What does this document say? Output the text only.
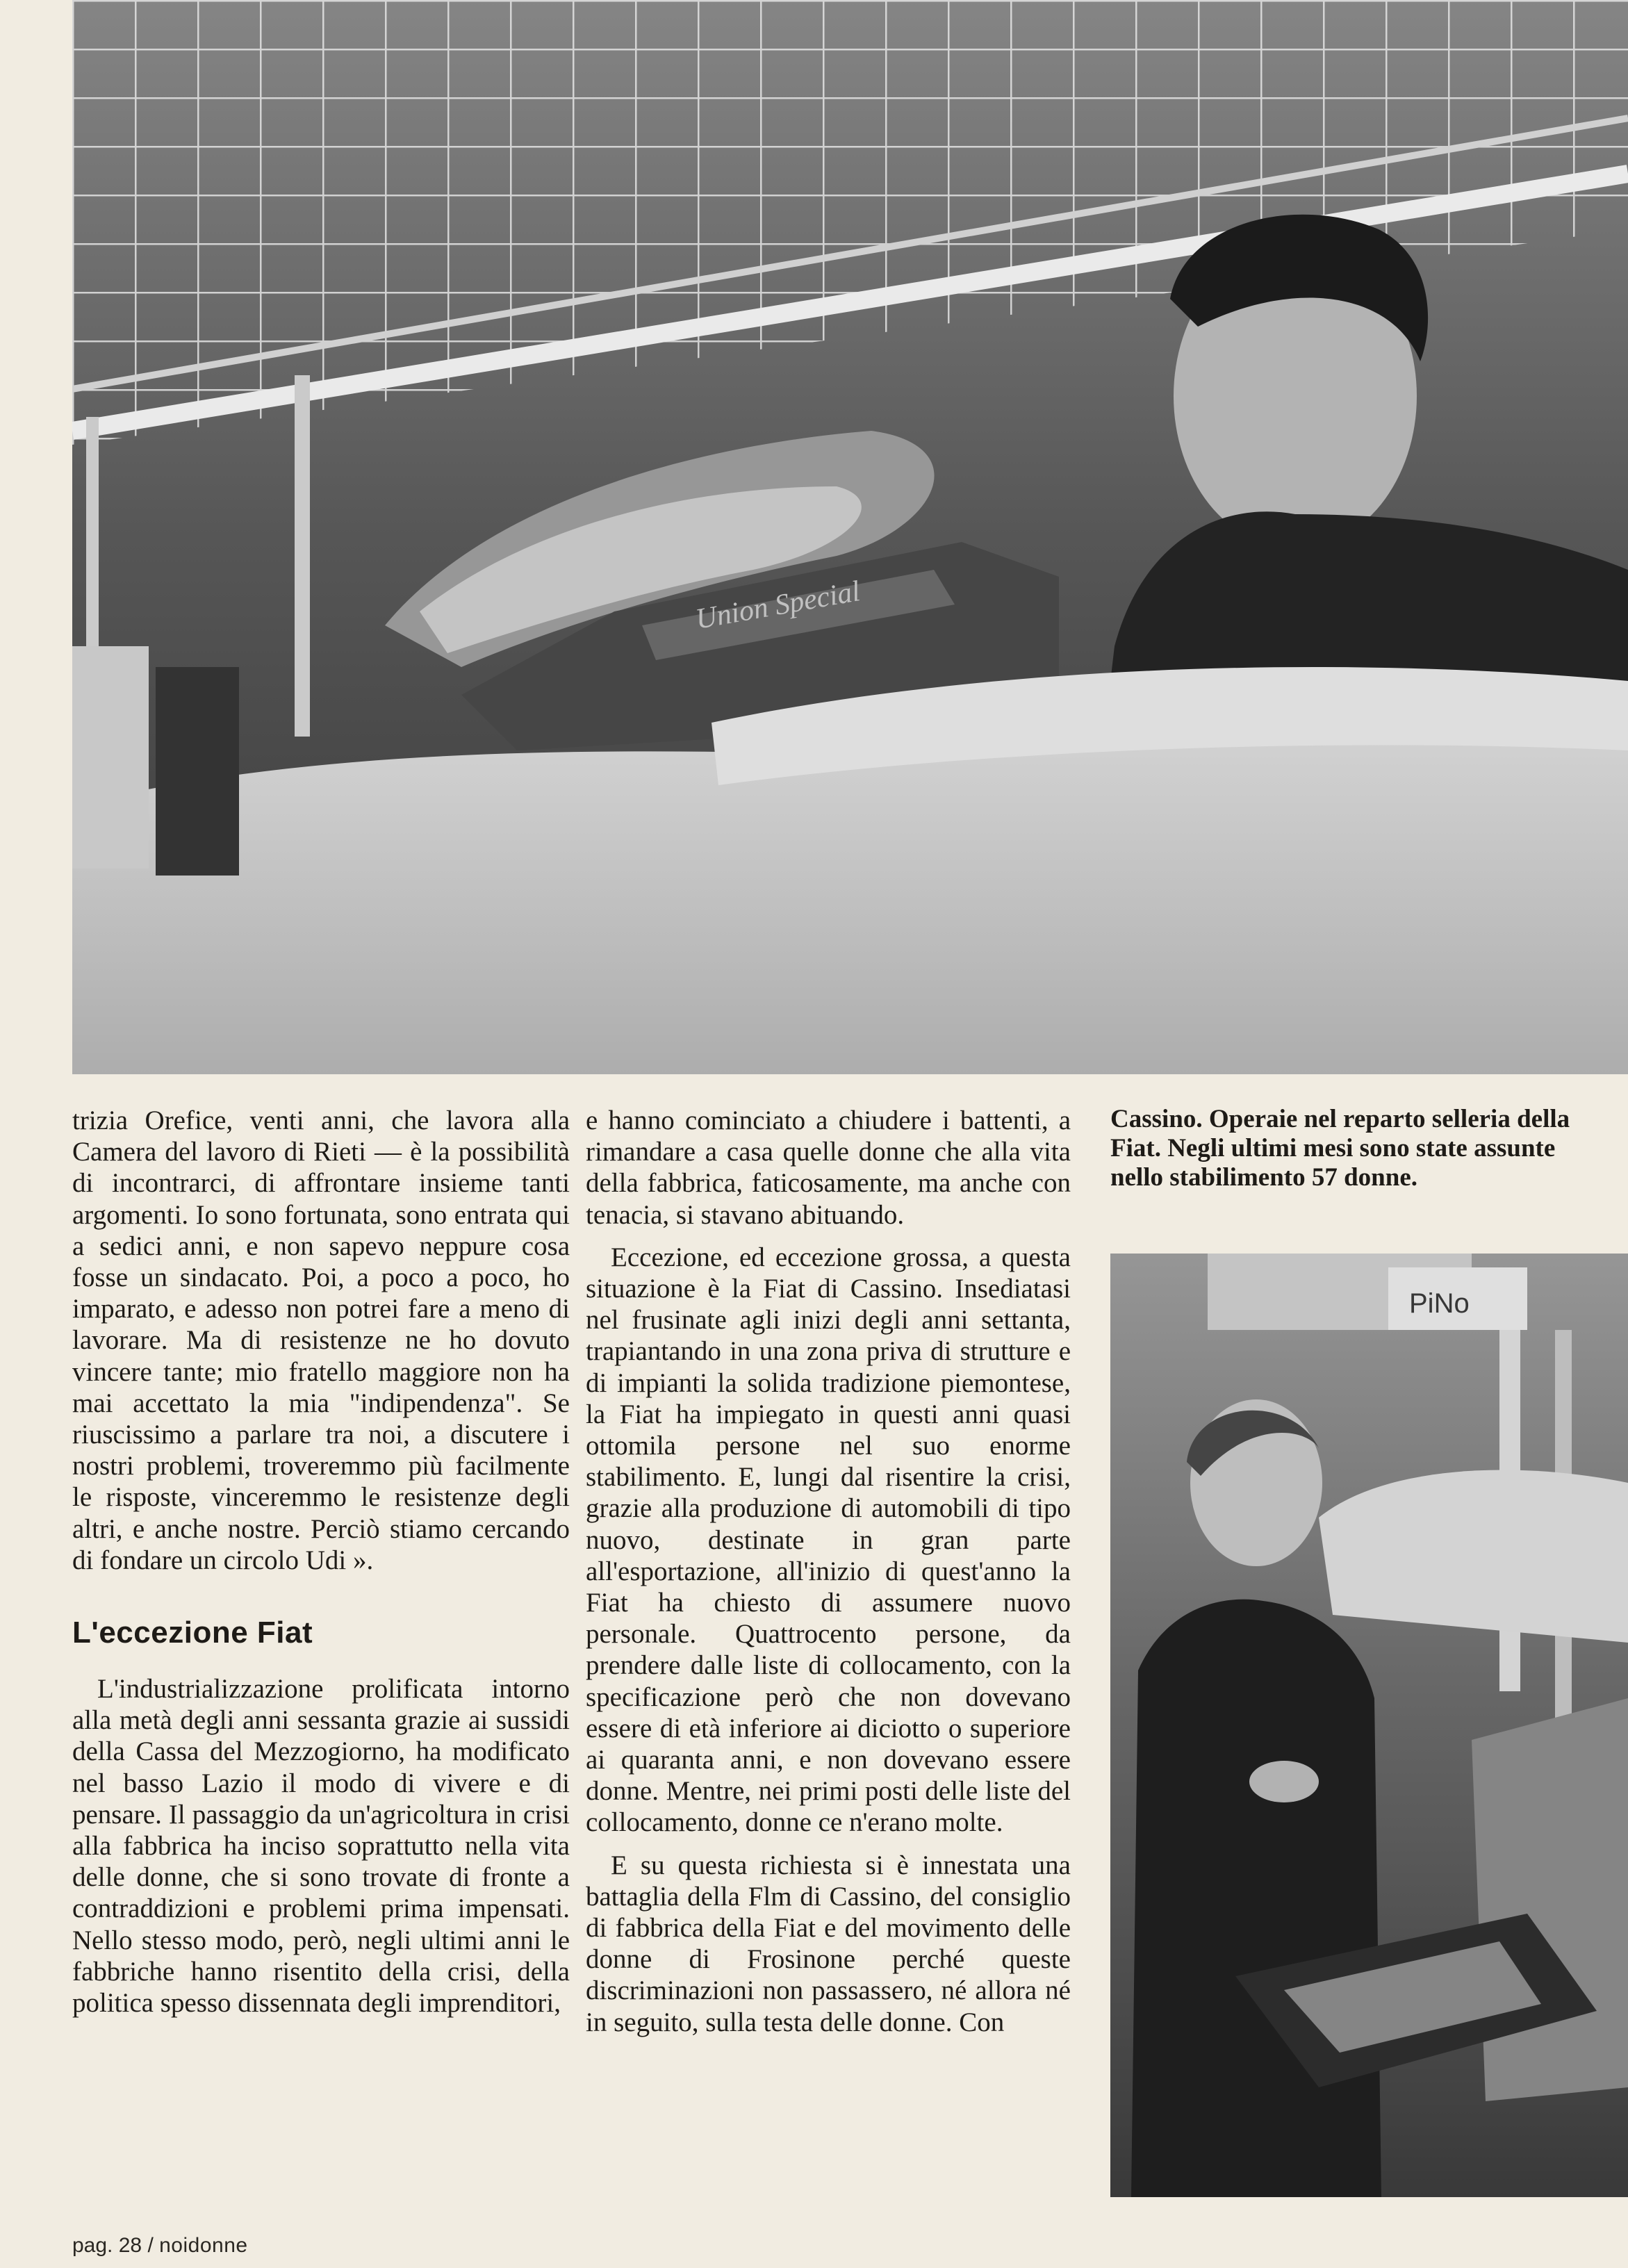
Union Special

trizia Orefice, venti anni, che lavora alla Camera del lavoro di Rieti — è la possibilità di incontrarci, di affrontare insieme tanti argomenti. Io sono fortunata, sono entrata qui a sedici anni, e non sapevo neppure cosa fosse un sindacato. Poi, a poco a poco, ho imparato, e adesso non potrei fare a meno di lavorare. Ma di resistenze ne ho dovuto vincere tante; mio fratello maggiore non ha mai accettato la mia "indipendenza". Se riuscissimo a parlare tra noi, a discutere i nostri problemi, troveremmo più facilmente le risposte, vinceremmo le resistenze degli altri, e anche nostre. Perciò stiamo cercando di fondare un circolo Udi ».

L'eccezione Fiat

L'industrializzazione prolificata intorno alla metà degli anni sessanta grazie ai sussidi della Cassa del Mezzogiorno, ha modificato nel basso Lazio il modo di vivere e di pensare. Il passaggio da un'agricoltura in crisi alla fabbrica ha inciso soprattutto nella vita delle donne, che si sono trovate di fronte a contraddizioni e problemi prima impensati. Nello stesso modo, però, negli ultimi anni le fabbriche hanno risentito della crisi, della politica spesso dissennata degli imprenditori,

e hanno cominciato a chiudere i battenti, a rimandare a casa quelle donne che alla vita della fabbrica, faticosamente, ma anche con tenacia, si stavano abituando.

Eccezione, ed eccezione grossa, a questa situazione è la Fiat di Cassino. Insediatasi nel frusinate agli inizi degli anni settanta, trapiantando in una zona priva di strutture e di impianti la solida tradizione piemontese, la Fiat ha impiegato in questi anni quasi ottomila persone nel suo enorme stabilimento. E, lungi dal risentire la crisi, grazie alla produzione di automobili di tipo nuovo, destinate in gran parte all'esportazione, all'inizio di quest'anno la Fiat ha chiesto di assumere nuovo personale. Quattrocento persone, da prendere dalle liste di collocamento, con la specificazione però che non dovevano essere di età inferiore ai diciotto o superiore ai quaranta anni, e non dovevano essere donne. Mentre, nei primi posti delle liste del collocamento, donne ce n'erano molte.

E su questa richiesta si è innestata una battaglia della Flm di Cassino, del consiglio di fabbrica della Fiat e del movimento delle donne di Frosinone perché queste discriminazioni non passassero, né allora né in seguito, sulla testa delle donne. Con

Cassino. Operaie nel reparto selleria della Fiat. Negli ultimi mesi sono state assunte nello stabilimento 57 donne.
PiNo
pag. 28 / noidonne
